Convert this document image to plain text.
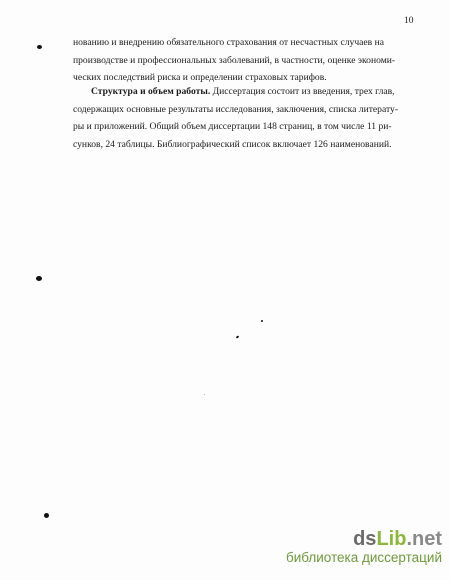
10

нованию и внедрению обязательного страхования от несчастных случаев на
производстве и профессиональных заболеваний, в частности, оценке экономи-
ческих последствий риска и определении страховых тарифов.

Структура и объем работы. Диссертация состоит из введения, трех глав,
содержащих основные результаты исследования, заключения, списка литерату-
ры и приложений. Общий объем диссертации 148 страниц, в том числе 11 ри-
сунков, 24 таблицы. Библиографический список включает 126 наименований.

dsLib.net
библиотека диссертаций
